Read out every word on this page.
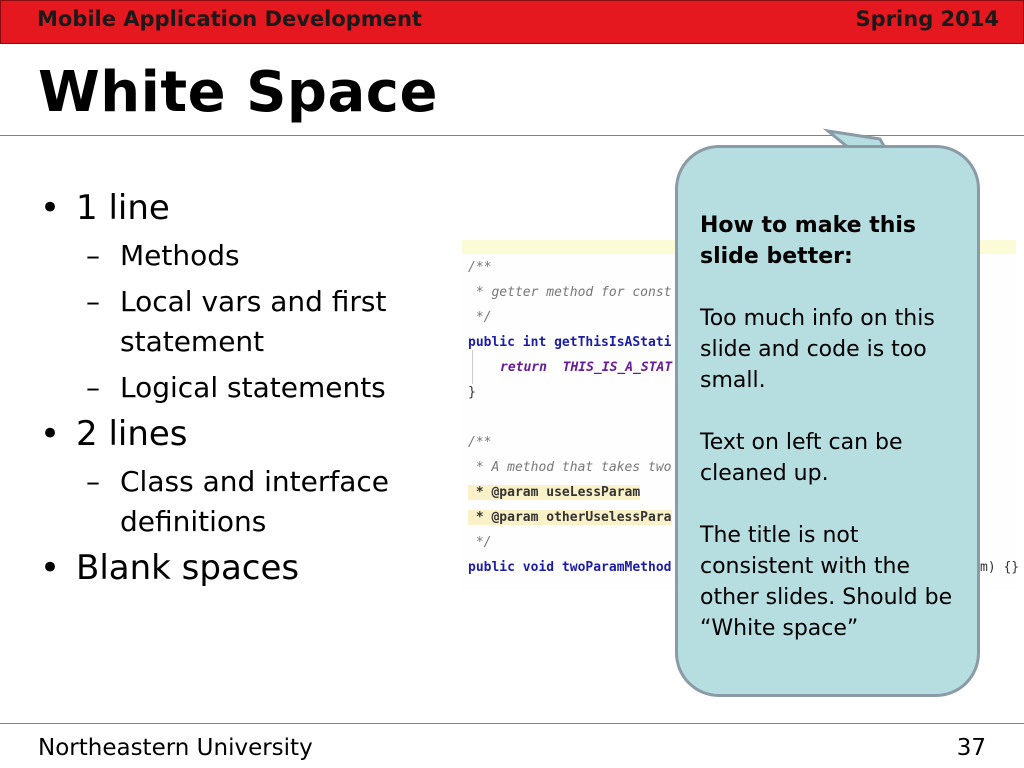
Mobile Application Development	Spring 2014
White Space
• 1 line
– Methods
– Local vars and first statement
– Logical statements
• 2 lines
– Class and interface definitions
• Blank spaces
/**
* getter method for const
*/
public int getThisIsAStati
return  THIS_IS_A_STAT
}
/**
* A method that takes two
* @param useLessParam
* @param otherUselessPara
*/
public void twoParamMethod	m) {}
How to make this slide better:
Too much info on this slide and code is too small.
Text on left can be cleaned up.
The title is not consistent with the other slides. Should be “White space”
Northeastern University	37
